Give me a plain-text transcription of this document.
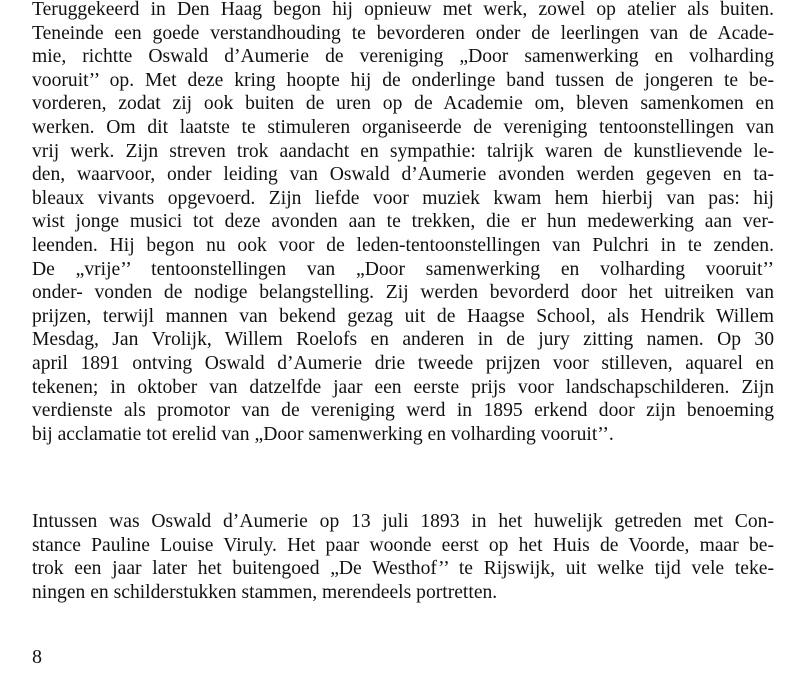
Teruggekeerd in Den Haag begon hij opnieuw met werk, zowel op atelier als buiten.
Teneinde een goede verstandhouding te bevorderen onder de leerlingen van de Acade-
mie, richtte Oswald d’Aumerie de vereniging „Door samenwerking en volharding
vooruit’’ op. Met deze kring hoopte hij de onderlinge band tussen de jongeren te be-
vorderen, zodat zij ook buiten de uren op de Academie om, bleven samenkomen en
werken. Om dit laatste te stimuleren organiseerde de vereniging tentoonstellingen van
vrij werk. Zijn streven trok aandacht en sympathie: talrijk waren de kunstlievende le-
den, waarvoor, onder leiding van Oswald d’Aumerie avonden werden gegeven en ta-
bleaux vivants opgevoerd. Zijn liefde voor muziek kwam hem hierbij van pas: hij
wist jonge musici tot deze avonden aan te trekken, die er hun medewerking aan ver-
leenden. Hij begon nu ook voor de leden-tentoonstellingen van Pulchri in te zenden.
De „vrije’’ tentoonstellingen van „Door samenwerking en volharding vooruit’’
onder- vonden de nodige belangstelling. Zij werden bevorderd door het uitreiken van
prijzen, terwijl mannen van bekend gezag uit de Haagse School, als Hendrik Willem
Mesdag, Jan Vrolijk, Willem Roelofs en anderen in de jury zitting namen. Op 30
april 1891 ontving Oswald d’Aumerie drie tweede prijzen voor stilleven, aquarel en
tekenen; in oktober van datzelfde jaar een eerste prijs voor landschapschilderen. Zijn
verdienste als promotor van de vereniging werd in 1895 erkend door zijn benoeming
bij acclamatie tot erelid van „Door samenwerking en volharding vooruit’’.

Intussen was Oswald d’Aumerie op 13 juli 1893 in het huwelijk getreden met Con-
stance Pauline Louise Viruly. Het paar woonde eerst op het Huis de Voorde, maar be-
trok een jaar later het buitengoed „De Westhof’’ te Rijswijk, uit welke tijd vele teke-
ningen en schilderstukken stammen, merendeels portretten.

8
